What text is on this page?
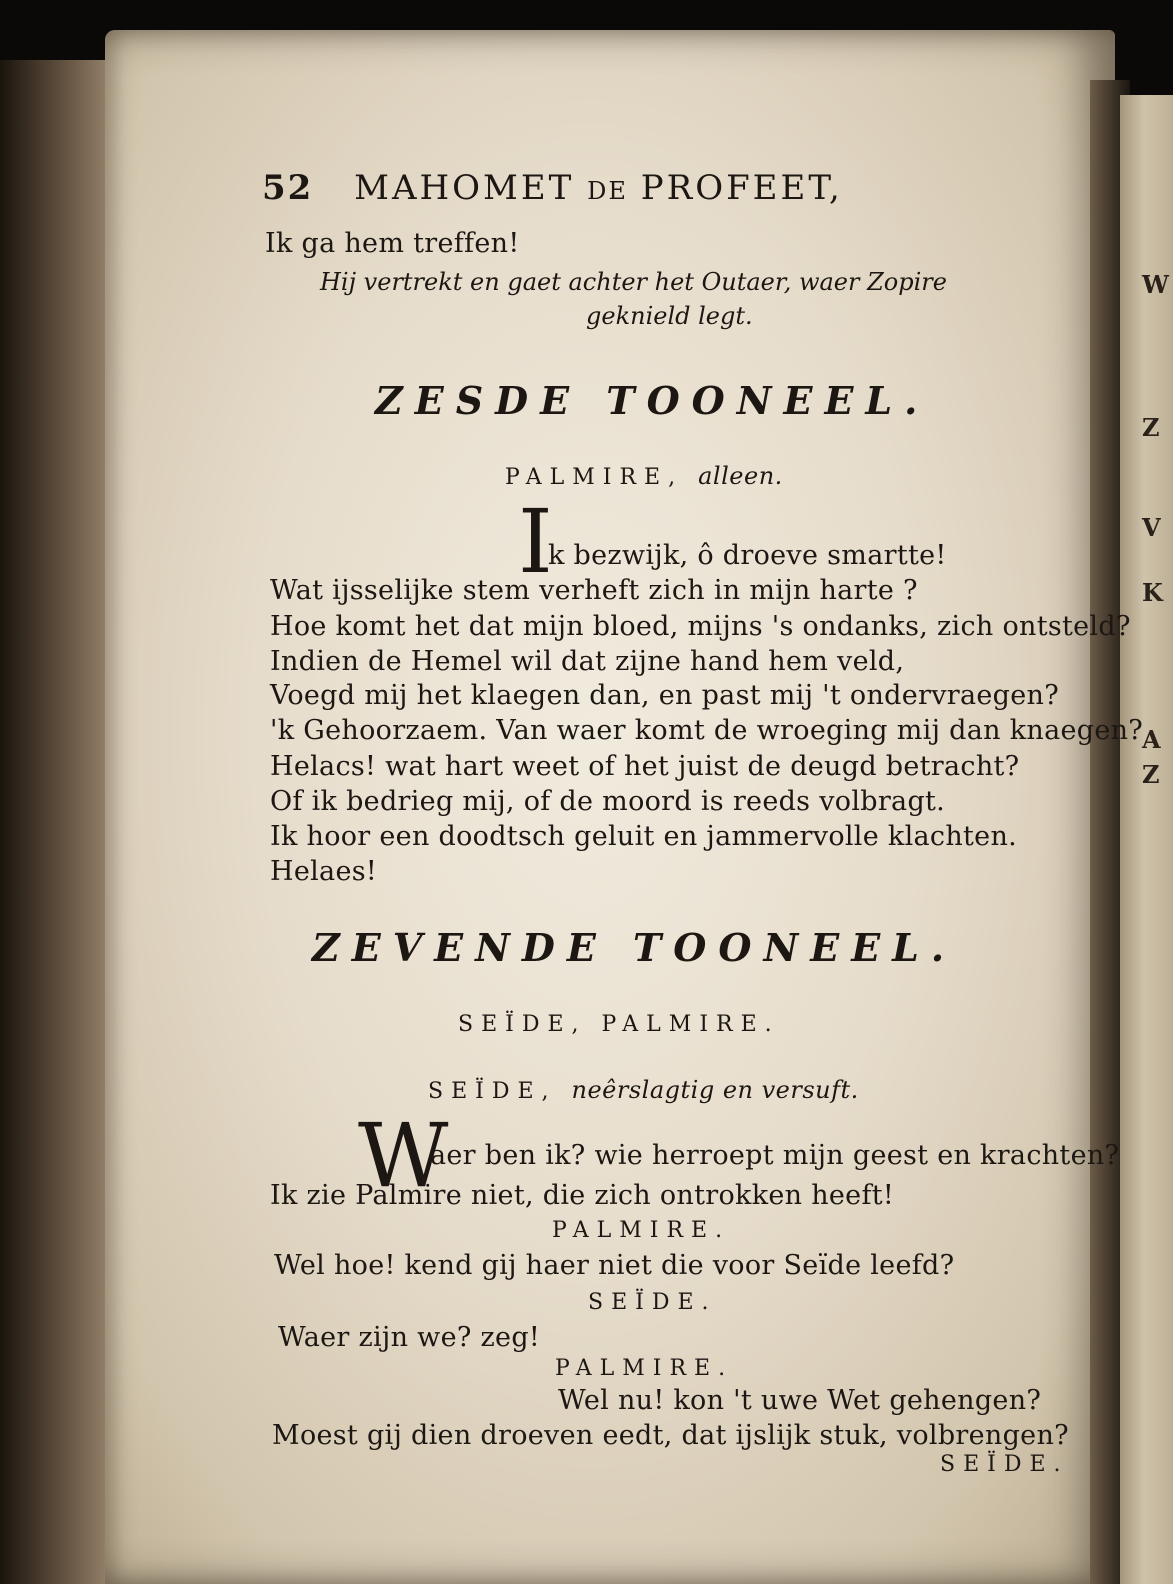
W
Z
V
K
A
Z
52 MAHOMET DE PROFEET,
Ik ga hem treffen!
Hij vertrekt en gaet achter het Outaer, waer Zopire
geknield legt.
ZESDE TOONEEL.
PALMIRE, alleen.
I
k bezwijk, ô droeve smartte!
Wat ijsselijke stem verheft zich in mijn harte ?
Hoe komt het dat mijn bloed, mijns 's ondanks, zich ontsteld?
Indien de Hemel wil dat zijne hand hem veld,
Voegd mij het klaegen dan, en past mij 't ondervraegen?
'k Gehoorzaem. Van waer komt de wroeging mij dan knaegen?
Helacs! wat hart weet of het juist de deugd betracht?
Of ik bedrieg mij, of de moord is reeds volbragt.
Ik hoor een doodtsch geluit en jammervolle klachten.
Helaes!
ZEVENDE TOONEEL.
SEÏDE, PALMIRE.
SEÏDE, neêrslagtig en versuft.
W
aer ben ik? wie herroept mijn geest en krachten?
Ik zie Palmire niet, die zich ontrokken heeft!
PALMIRE.
Wel hoe! kend gij haer niet die voor Seïde leefd?
SEÏDE.
Waer zijn we? zeg!
PALMIRE.
Wel nu! kon 't uwe Wet gehengen?
Moest gij dien droeven eedt, dat ijslijk stuk, volbrengen?
SEÏDE.
